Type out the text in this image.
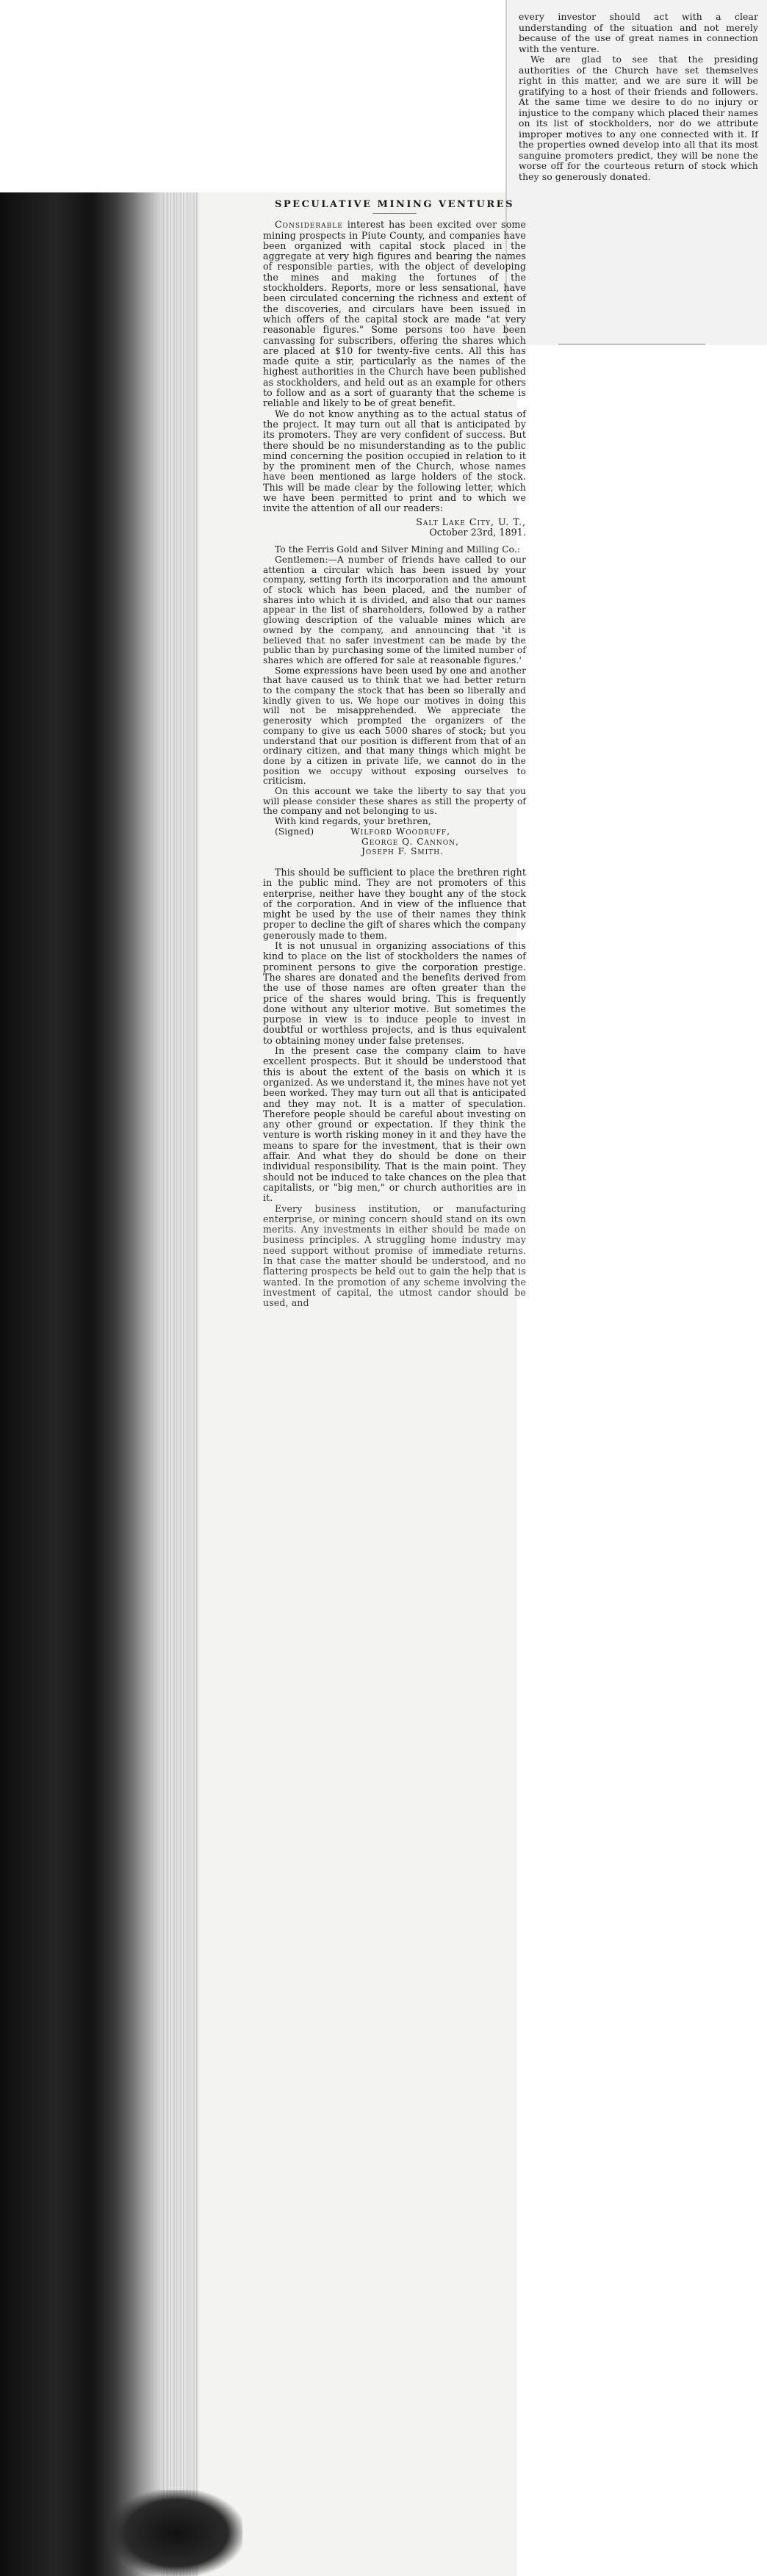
every investor should act with a clear understanding of the situation and not merely because of the use of great names in connection with the venture.

We are glad to see that the presiding authorities of the Church have set themselves right in this matter, and we are sure it will be gratifying to a host of their friends and followers. At the same time we desire to do no injury or injustice to the company which placed their names on its list of stockholders, nor do we attribute improper motives to any one connected with it. If the properties owned develop into all that its most sanguine promoters predict, they will be none the worse off for the courteous return of stock which they so generously donated.

SPECULATIVE MINING VENTURES

Considerable interest has been excited over some mining prospects in Piute County, and companies have been organized with capital stock placed in the aggregate at very high figures and bearing the names of responsible parties, with the object of developing the mines and making the fortunes of the stockholders. Reports, more or less sensational, have been circulated concerning the richness and extent of the discoveries, and circulars have been issued in which offers of the capital stock are made "at very reasonable figures." Some persons too have been canvassing for subscribers, offering the shares which are placed at $10 for twenty-five cents. All this has made quite a stir, particularly as the names of the highest authorities in the Church have been published as stockholders, and held out as an example for others to follow and as a sort of guaranty that the scheme is reliable and likely to be of great benefit.

We do not know anything as to the actual status of the project. It may turn out all that is anticipated by its promoters. They are very confident of success. But there should be no misunderstanding as to the public mind concerning the position occupied in relation to it by the prominent men of the Church, whose names have been mentioned as large holders of the stock. This will be made clear by the following letter, which we have been permitted to print and to which we invite the attention of all our readers:

Salt Lake City, U. T.,
October 23rd, 1891.

To the Ferris Gold and Silver Mining and Milling Co.:

Gentlemen:—A number of friends have called to our attention a circular which has been issued by your company, setting forth its incorporation and the amount of stock which has been placed, and the number of shares into which it is divided, and also that our names appear in the list of shareholders, followed by a rather glowing description of the valuable mines which are owned by the company, and announcing that 'it is believed that no safer investment can be made by the public than by purchasing some of the limited number of shares which are offered for sale at reasonable figures.'

Some expressions have been used by one and another that have caused us to think that we had better return to the company the stock that has been so liberally and kindly given to us. We hope our motives in doing this will not be misapprehended. We appreciate the generosity which prompted the organizers of the company to give us each 5000 shares of stock; but you understand that our position is different from that of an ordinary citizen, and that many things which might be done by a citizen in private life, we cannot do in the position we occupy without exposing ourselves to criticism.

On this account we take the liberty to say that you will please consider these shares as still the property of the company and not belonging to us.

With kind regards, your brethren,

(Signed)	Wilford Woodruff,
George Q. Cannon,
Joseph F. Smith.

This should be sufficient to place the brethren right in the public mind. They are not promoters of this enterprise, neither have they bought any of the stock of the corporation. And in view of the influence that might be used by the use of their names they think proper to decline the gift of shares which the company generously made to them.

It is not unusual in organizing associations of this kind to place on the list of stockholders the names of prominent persons to give the corporation prestige. The shares are donated and the benefits derived from the use of those names are often greater than the price of the shares would bring. This is frequently done without any ulterior motive. But sometimes the purpose in view is to induce people to invest in doubtful or worthless projects, and is thus equivalent to obtaining money under false pretenses.

In the present case the company claim to have excellent prospects. But it should be understood that this is about the extent of the basis on which it is organized. As we understand it, the mines have not yet been worked. They may turn out all that is anticipated and they may not. It is a matter of speculation. Therefore people should be careful about investing on any other ground or expectation. If they think the venture is worth risking money in it and they have the means to spare for the investment, that is their own affair. And what they do should be done on their individual responsibility. That is the main point. They should not be induced to take chances on the plea that capitalists, or "big men," or church authorities are in it.

Every business institution, or manufacturing enterprise, or mining concern should stand on its own merits. Any investments in either should be made on business principles. A struggling home industry may need support without promise of immediate returns. In that case the matter should be understood, and no flattering prospects be held out to gain the help that is wanted. In the promotion of any scheme involving the investment of capital, the utmost candor should be used, and
